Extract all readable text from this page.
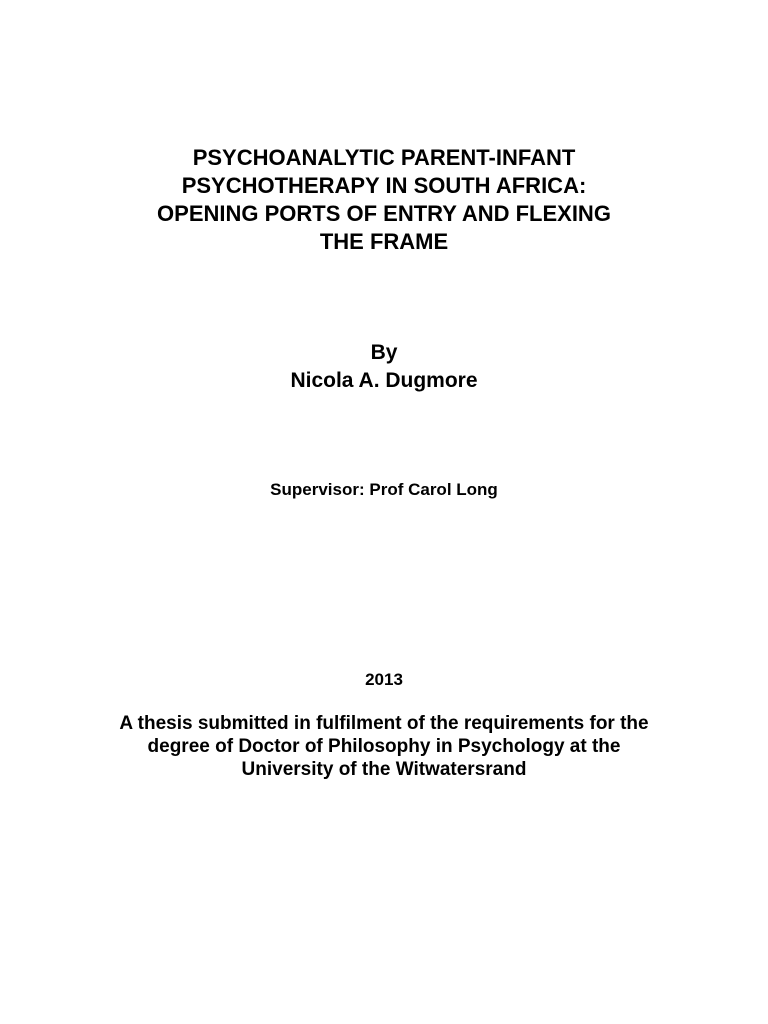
PSYCHOANALYTIC PARENT-INFANT
PSYCHOTHERAPY IN SOUTH AFRICA:
OPENING PORTS OF ENTRY AND FLEXING
THE FRAME
By
Nicola A. Dugmore
Supervisor: Prof Carol Long
2013
A thesis submitted in fulfilment of the requirements for the
degree of Doctor of Philosophy in Psychology at the
University of the Witwatersrand
